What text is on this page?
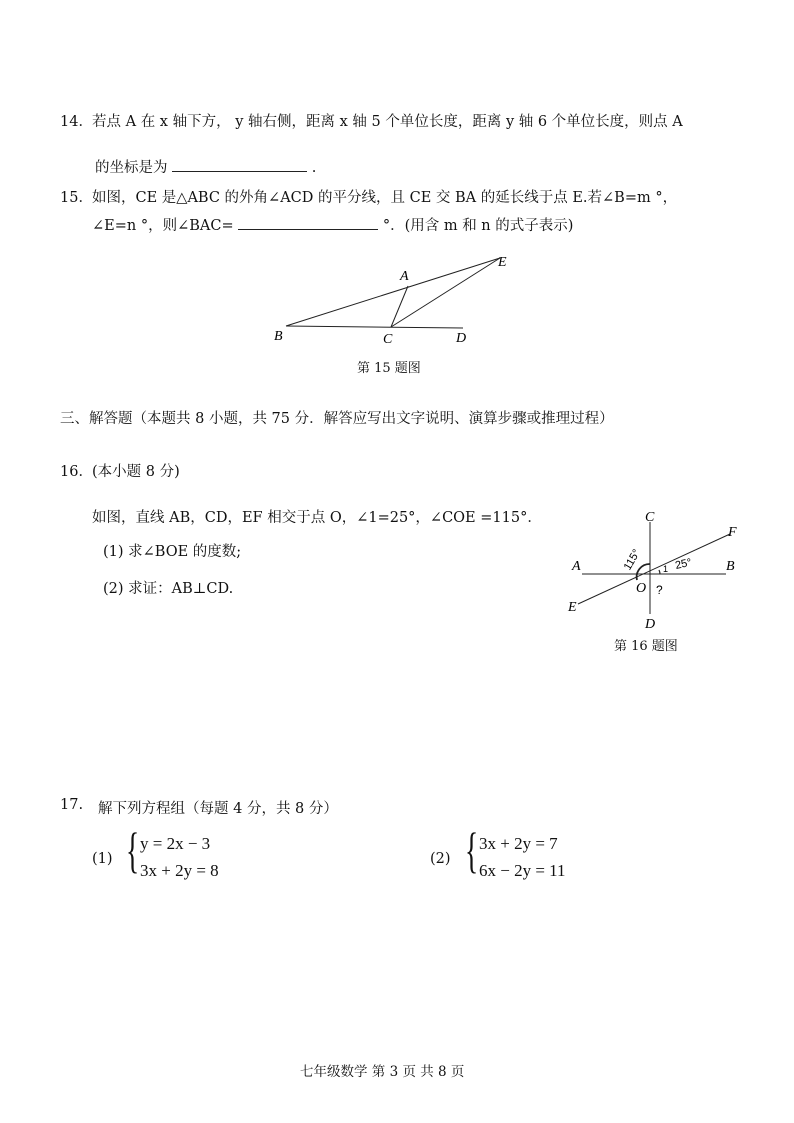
14． 若点 A 在 x 轴下方， y 轴右侧，距离 x 轴 5 个单位长度，距离 y 轴 6 个单位长度，则点 A
的坐标是为	.
15． 如图，CE 是△ABC 的外角∠ACD 的平分线，且 CE 交 BA 的延长线于点 E.若∠B=m °，
∠E=n °，则∠BAC=	°．(用含 m 和 n 的式子表示)
A
B	C	D
E
第 15 题图
三、解答题（本题共 8 小题，共 75 分．解答应写出文字说明、演算步骤或推理过程）
16． (本小题 8 分)
如图，直线 AB，CD，EF 相交于点 O，∠1=25°，∠COE =115°．
(1) 求∠BOE 的度数;
(2) 求证：AB⊥CD.
C
F
A	B
O
E
D
115°	25°
1
?
第 16 题图
17. 解下列方程组（每题 4 分，共 8 分）
(1) { y = 2x − 3
3x + 2y = 8
(2) { 3x + 2y = 7
6x − 2y = 11
七年级数学 第 3 页 共 8 页
